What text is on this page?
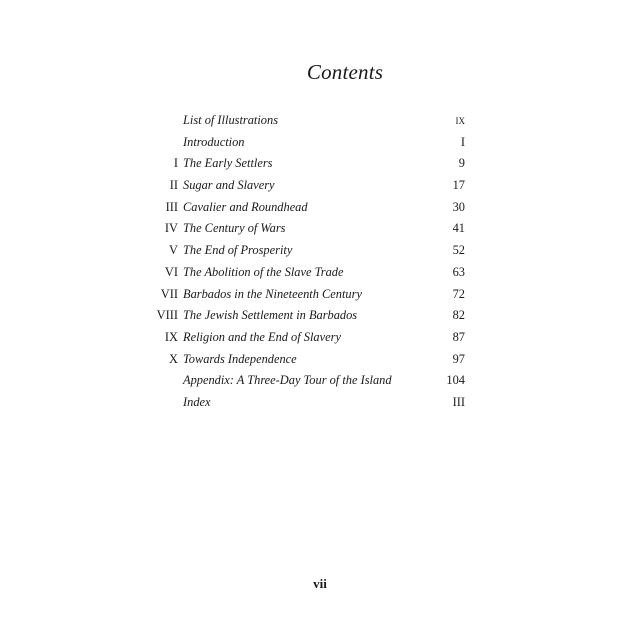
Contents
List of Illustrations	ix
Introduction	I
I The Early Settlers	9
II Sugar and Slavery	17
III Cavalier and Roundhead	30
IV The Century of Wars	41
V The End of Prosperity	52
VI The Abolition of the Slave Trade	63
VII Barbados in the Nineteenth Century	72
VIII The Jewish Settlement in Barbados	82
IX Religion and the End of Slavery	87
X Towards Independence	97
Appendix: A Three-Day Tour of the Island	104
Index	III
vii
